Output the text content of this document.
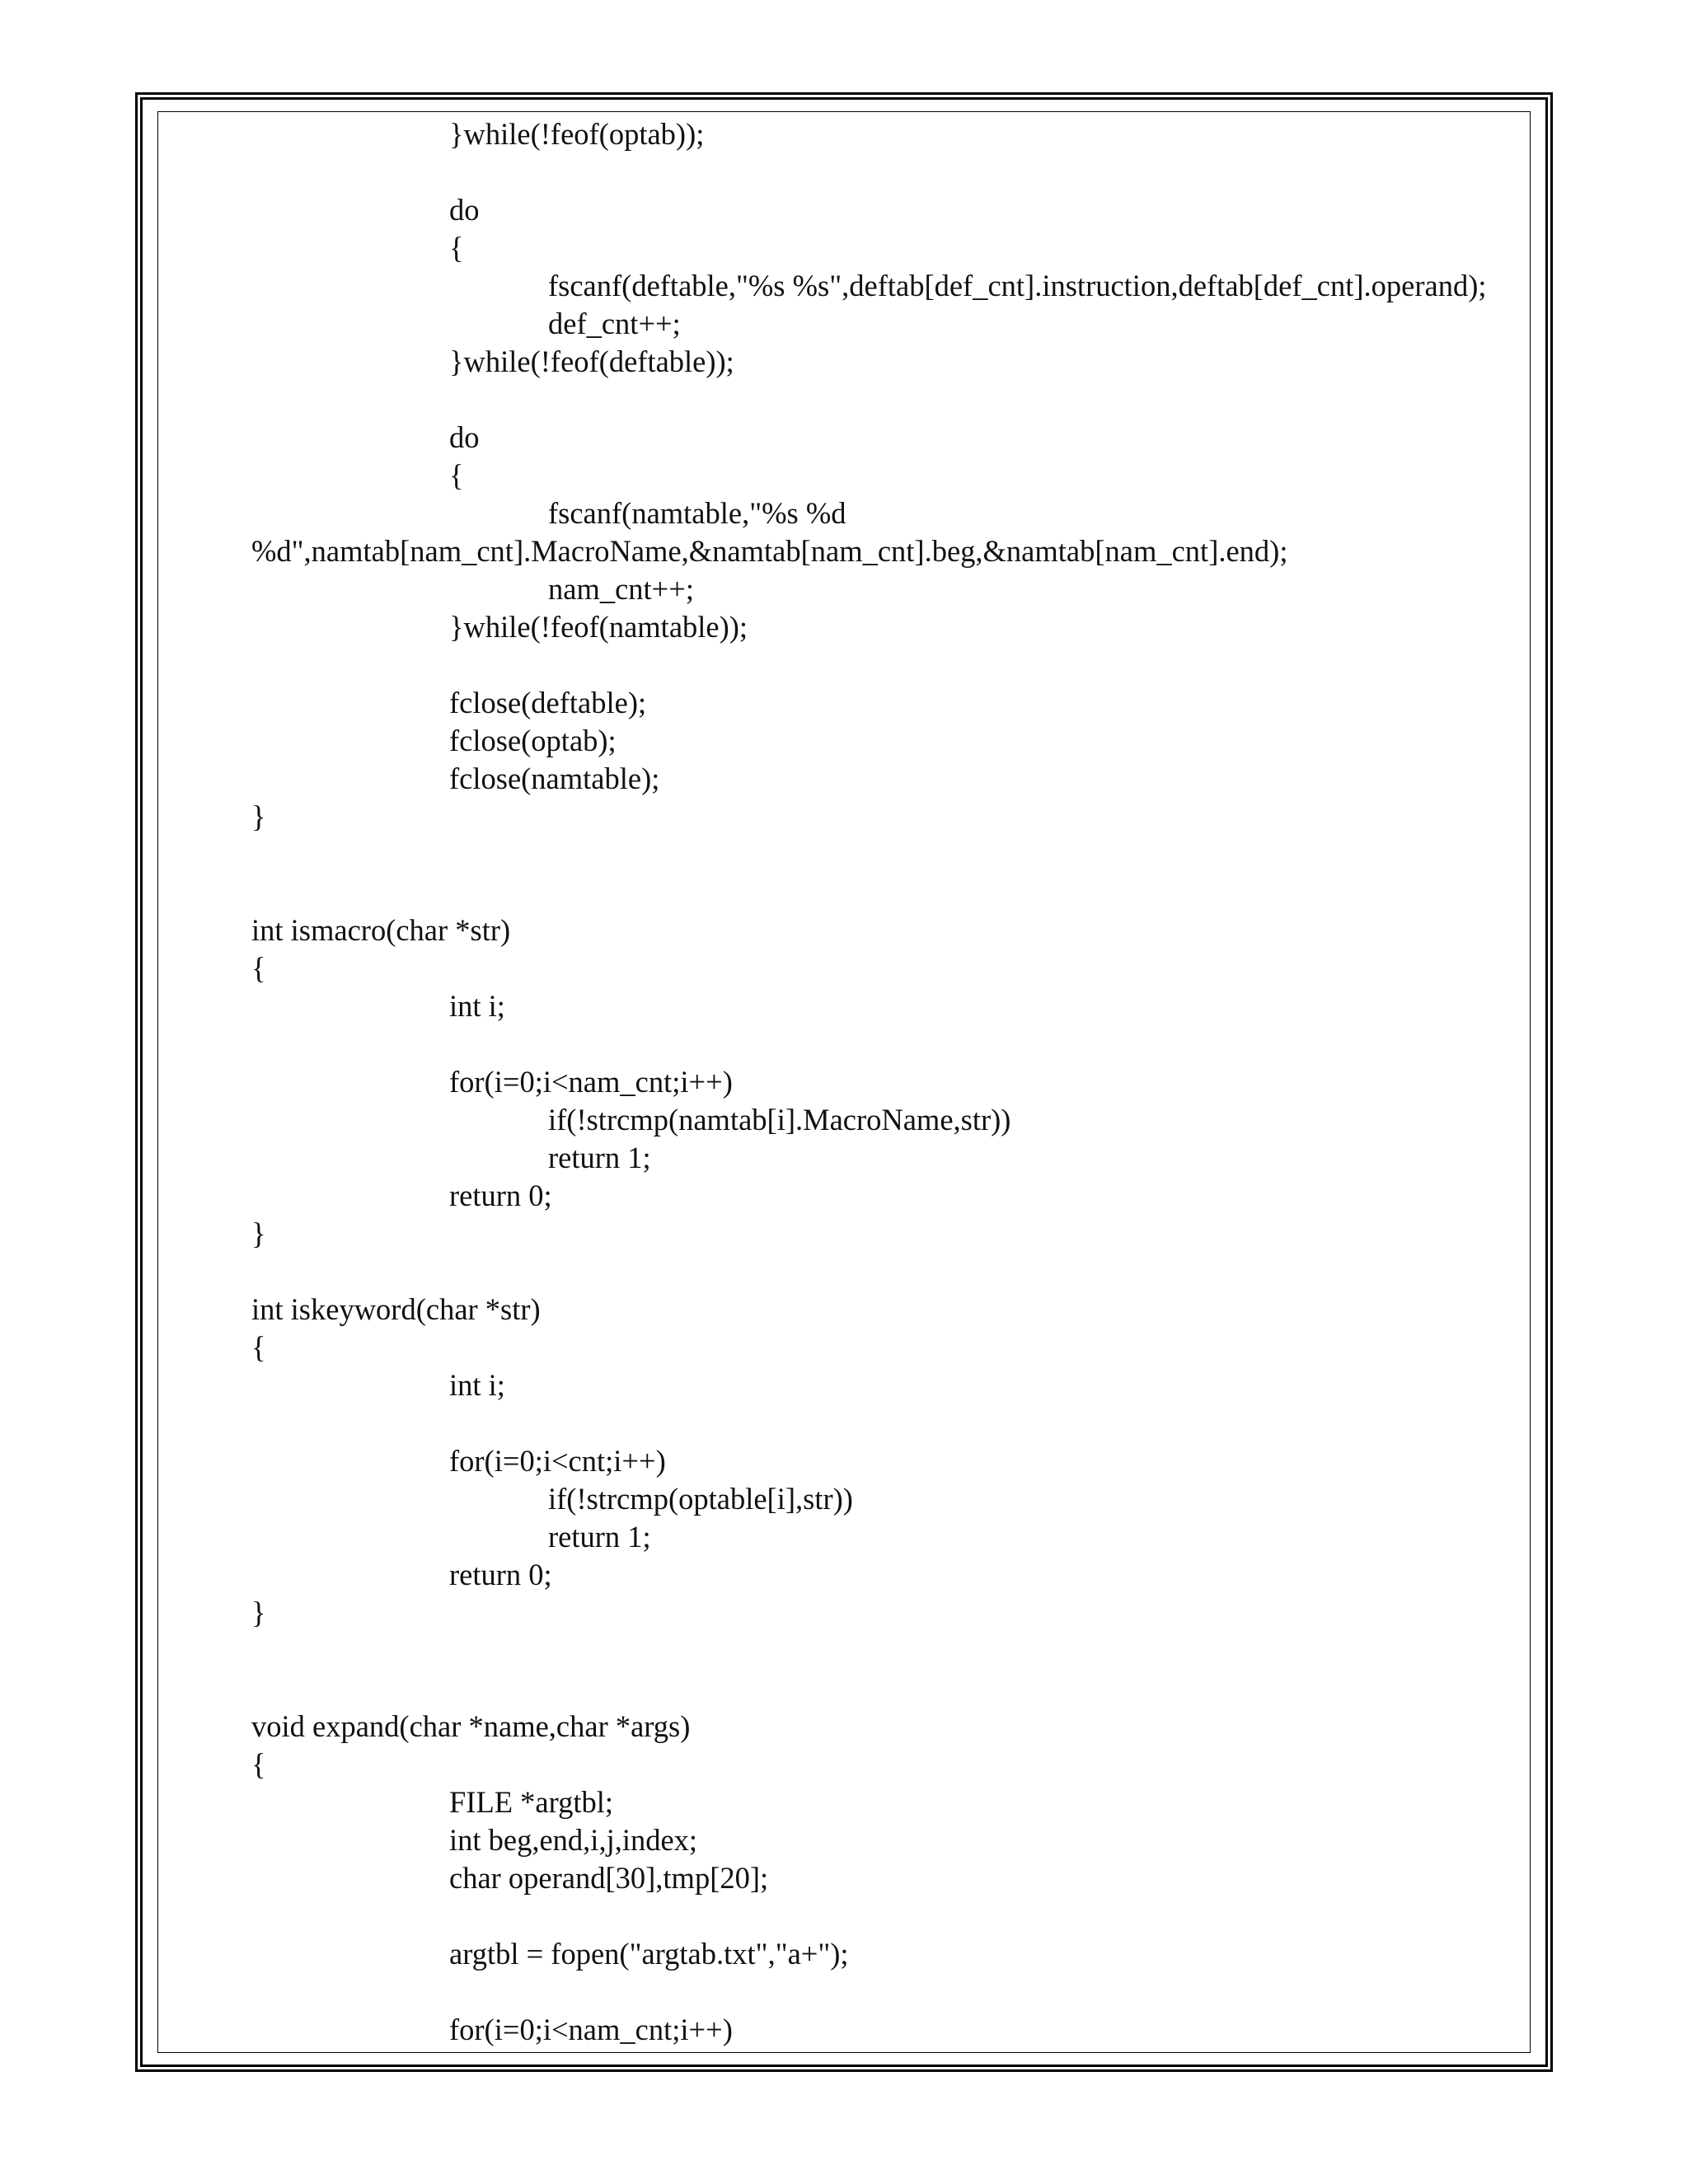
}while(!feof(optab));
do
{
fscanf(deftable,"%s %s",deftab[def_cnt].instruction,deftab[def_cnt].operand);
def_cnt++;
}while(!feof(deftable));
do
{
fscanf(namtable,"%s %d
%d",namtab[nam_cnt].MacroName,&namtab[nam_cnt].beg,&namtab[nam_cnt].end);
nam_cnt++;
}while(!feof(namtable));
fclose(deftable);
fclose(optab);
fclose(namtable);
}
int ismacro(char *str)
{
int i;
for(i=0;i<nam_cnt;i++)
if(!strcmp(namtab[i].MacroName,str))
return 1;
return 0;
}
int iskeyword(char *str)
{
int i;
for(i=0;i<cnt;i++)
if(!strcmp(optable[i],str))
return 1;
return 0;
}
void expand(char *name,char *args)
{
FILE *argtbl;
int beg,end,i,j,index;
char operand[30],tmp[20];
argtbl = fopen("argtab.txt","a+");
for(i=0;i<nam_cnt;i++)
